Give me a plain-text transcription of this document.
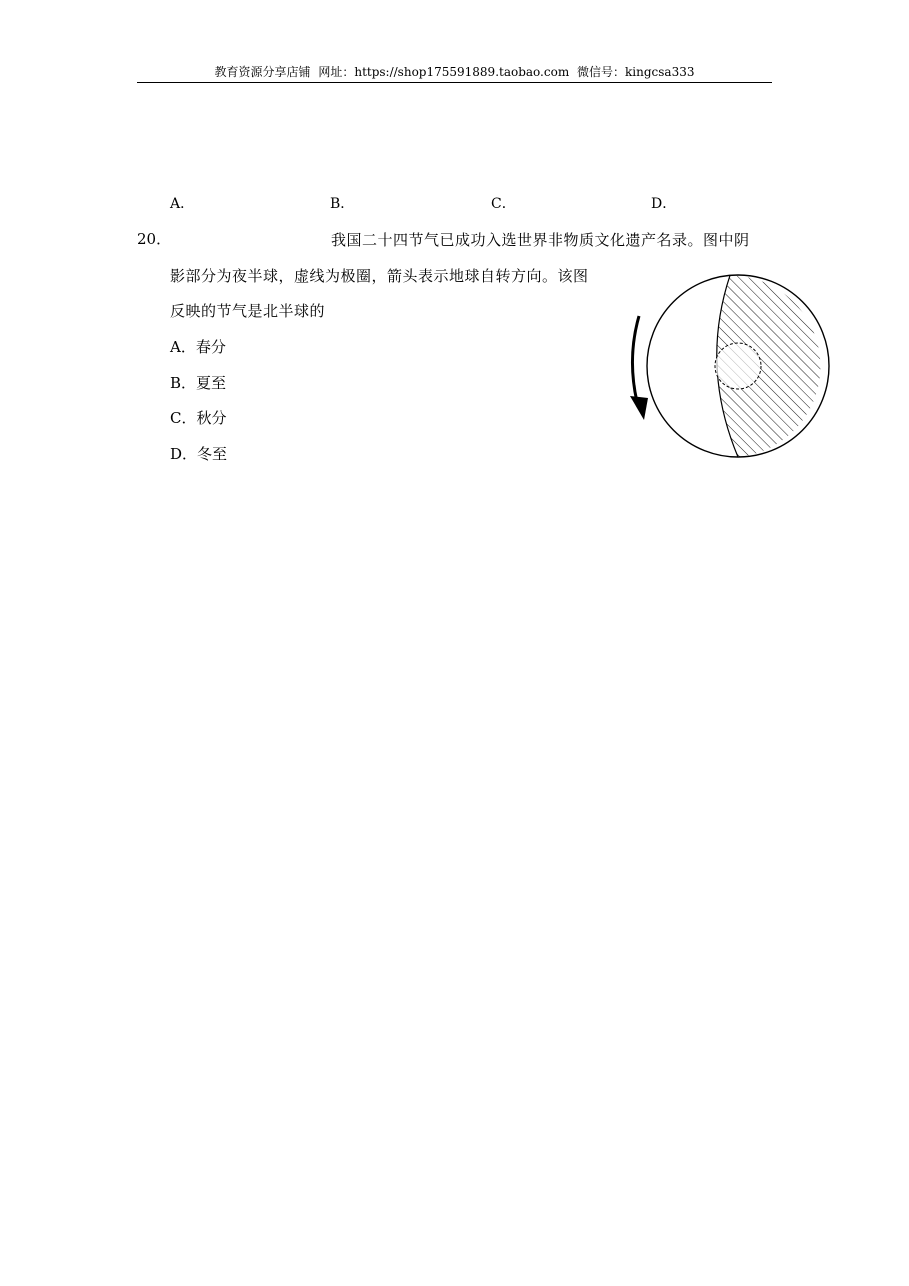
教育资源分享店铺 网址：https://shop175591889.taobao.com 微信号：kingcsa333
A．	B．	C．	D．
20．	我国二十四节气已成功入选世界非物质文化遗产名录。图中阴
影部分为夜半球，虚线为极圈，箭头表示地球自转方向。该图
反映的节气是北半球的
A．春分
B．夏至
C．秋分
D．冬至
